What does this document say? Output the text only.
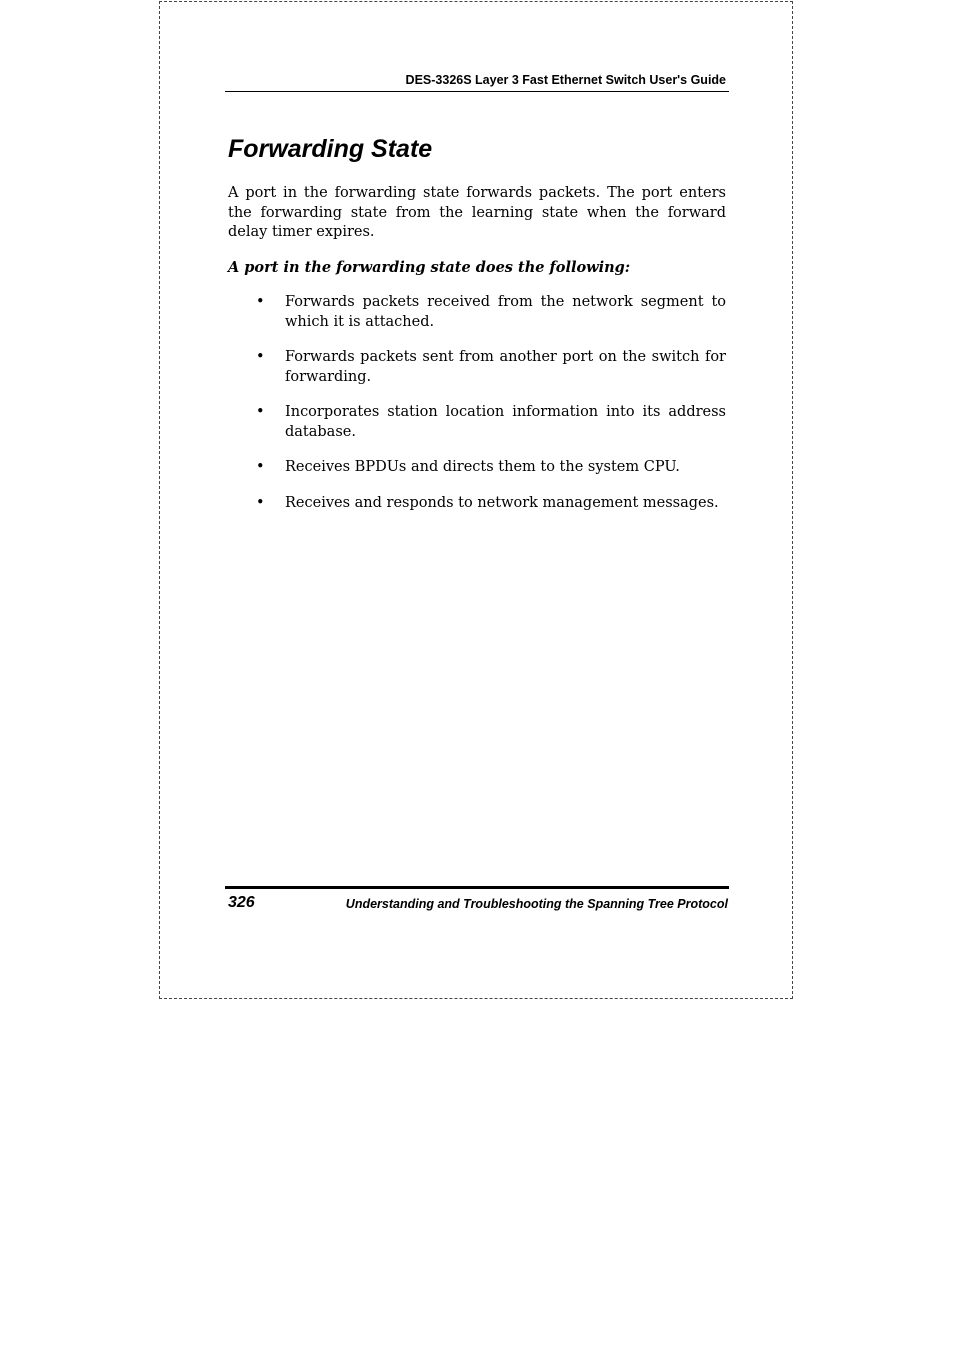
DES-3326S Layer 3 Fast Ethernet Switch User's Guide
Forwarding State

A port in the forwarding state forwards packets. The port enters the forwarding state from the learning state when the forward delay timer expires.

A port in the forwarding state does the following:

• Forwards packets received from the network segment to which it is attached.
• Forwards packets sent from another port on the switch for forwarding.
• Incorporates station location information into its address database.
• Receives BPDUs and directs them to the system CPU.
• Receives and responds to network management messages.
326	Understanding and Troubleshooting the Spanning Tree Protocol
